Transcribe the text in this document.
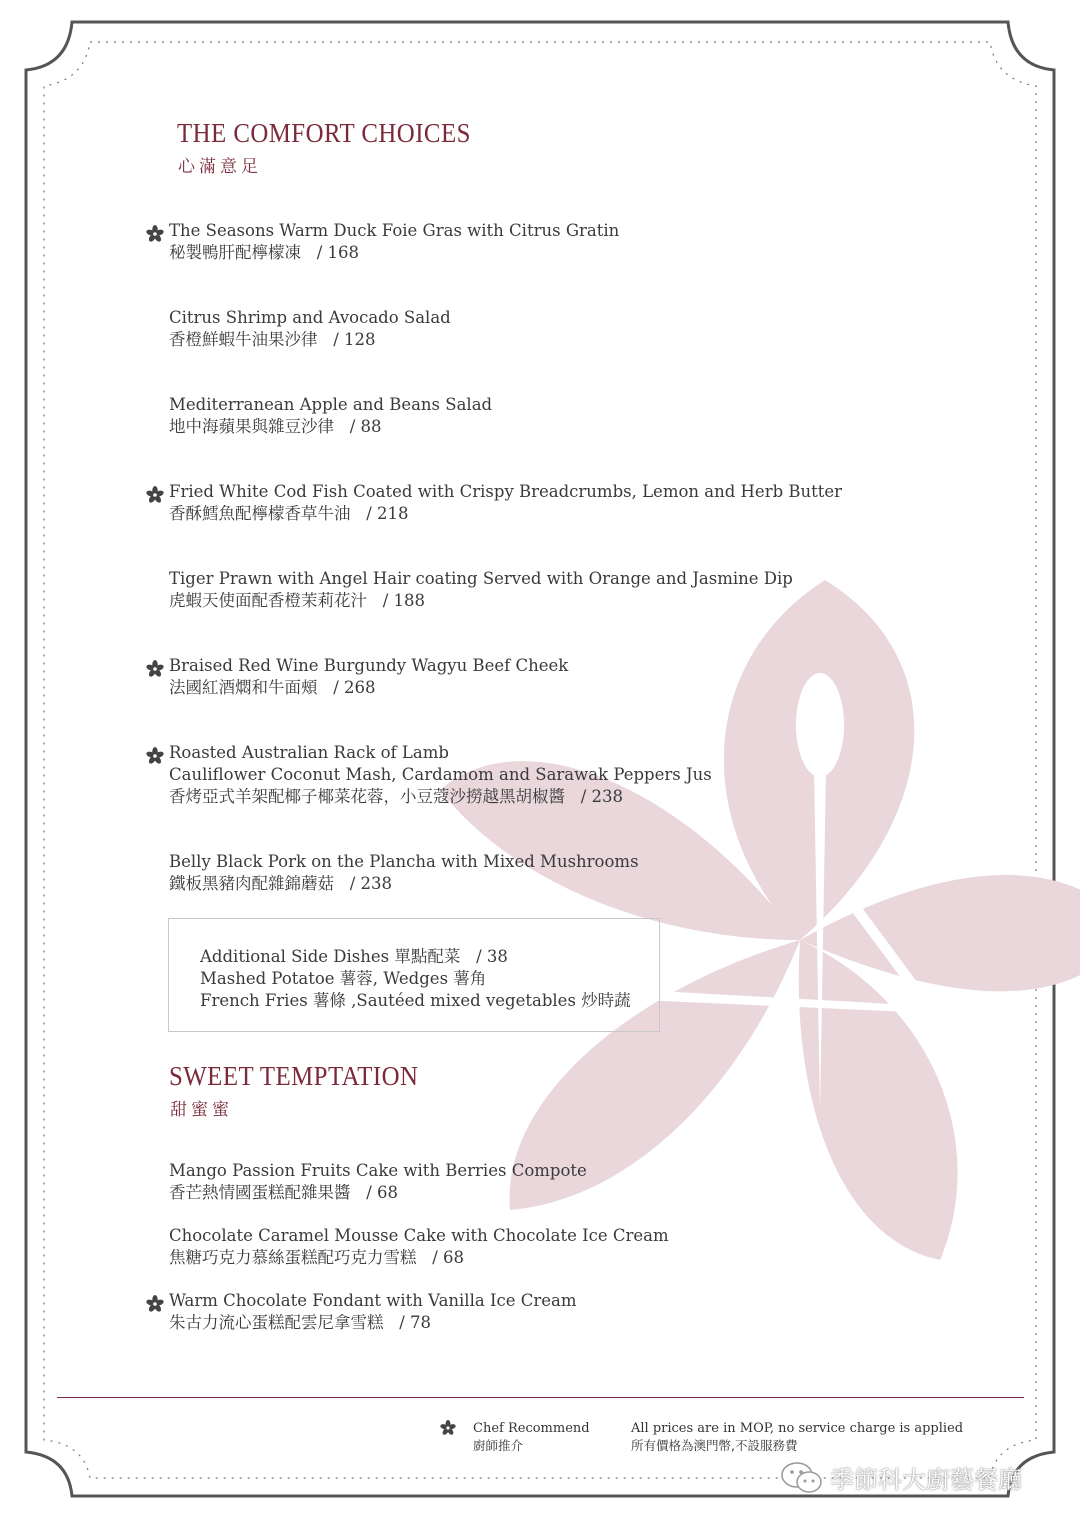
THE COMFORT CHOICES
心滿意足
The Seasons Warm Duck Foie Gras with Citrus Gratin
秘製鴨肝配檸檬凍 / 168
Citrus Shrimp and Avocado Salad
香橙鮮蝦牛油果沙律 / 128
Mediterranean Apple and Beans Salad
地中海蘋果與雜豆沙律 / 88
Fried White Cod Fish Coated with Crispy Breadcrumbs, Lemon and Herb Butter
香酥鱈魚配檸檬香草牛油 / 218
Tiger Prawn with Angel Hair coating Served with Orange and Jasmine Dip
虎蝦天使面配香橙茉莉花汁 / 188
Braised Red Wine Burgundy Wagyu Beef Cheek
法國紅酒燜和牛面頰 / 268
Roasted Australian Rack of Lamb
Cauliflower Coconut Mash, Cardamom and Sarawak Peppers Jus
香烤亞式羊架配椰子椰菜花蓉，小豆蔻沙撈越黑胡椒醬 / 238
Belly Black Pork on the Plancha with Mixed Mushrooms
鐵板黑豬肉配雜錦蘑菇 / 238
Additional Side Dishes 單點配菜 / 38
Mashed Potatoe 薯蓉, Wedges 薯角
French Fries 薯條 ,Sautéed mixed vegetables 炒時蔬
SWEET TEMPTATION
甜蜜蜜
Mango Passion Fruits Cake with Berries Compote
香芒熱情國蛋糕配雜果醬 / 68
Chocolate Caramel Mousse Cake with Chocolate Ice Cream
焦糖巧克力慕絲蛋糕配巧克力雪糕 / 68
Warm Chocolate Fondant with Vanilla Ice Cream
朱古力流心蛋糕配雲尼拿雪糕 / 78
Chef Recommend
廚師推介
All prices are in MOP, no service charge is applied
所有價格為澳門幣,不設服務費
季節科大廚藝餐廳
